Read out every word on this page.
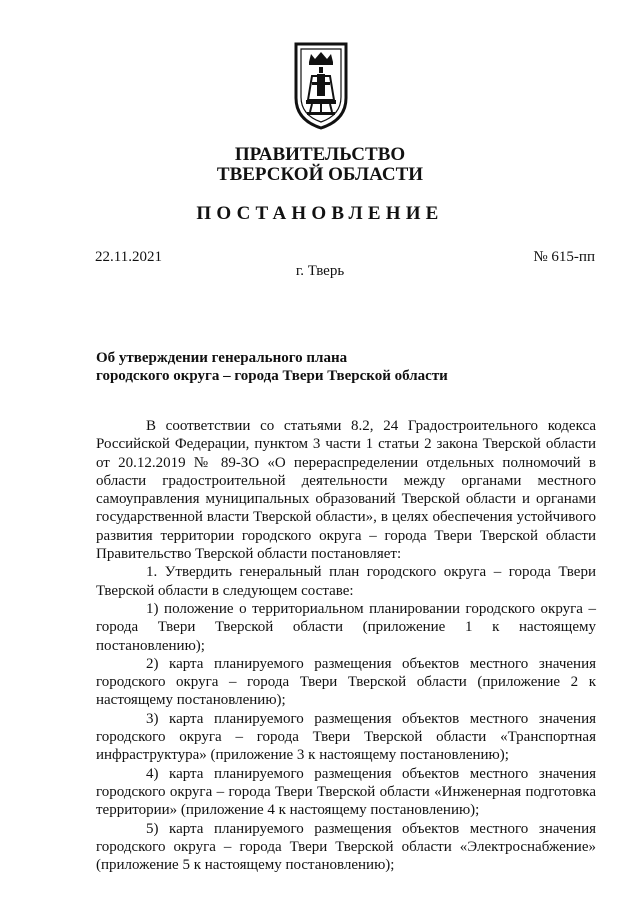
ПРАВИТЕЛЬСТВО
ТВЕРСКОЙ ОБЛАСТИ
ПОСТАНОВЛЕНИЕ
22.11.2021	№ 615-пп
г. Тверь
Об утверждении генерального плана
городского округа – города Твери Тверской области

В соответствии со статьями 8.2, 24 Градостроительного кодекса Российской Федерации, пунктом 3 части 1 статьи 2 закона Тверской области от 20.12.2019 № 89-ЗО «О перераспределении отдельных полномочий в области градостроительной деятельности между органами местного самоуправления муниципальных образований Тверской области и органами государственной власти Тверской области», в целях обеспечения устойчивого развития территории городского округа – города Твери Тверской области Правительство Тверской области постановляет:

1. Утвердить генеральный план городского округа – города Твери Тверской области в следующем составе:

1) положение о территориальном планировании городского округа – города Твери Тверской области (приложение 1 к настоящему постановлению);

2) карта планируемого размещения объектов местного значения городского округа – города Твери Тверской области (приложение 2 к настоящему постановлению);

3) карта планируемого размещения объектов местного значения городского округа – города Твери Тверской области «Транспортная инфраструктура» (приложение 3 к настоящему постановлению);

4) карта планируемого размещения объектов местного значения городского округа – города Твери Тверской области «Инженерная подготовка территории» (приложение 4 к настоящему постановлению);

5) карта планируемого размещения объектов местного значения городского округа – города Твери Тверской области «Электроснабжение» (приложение 5 к настоящему постановлению);
